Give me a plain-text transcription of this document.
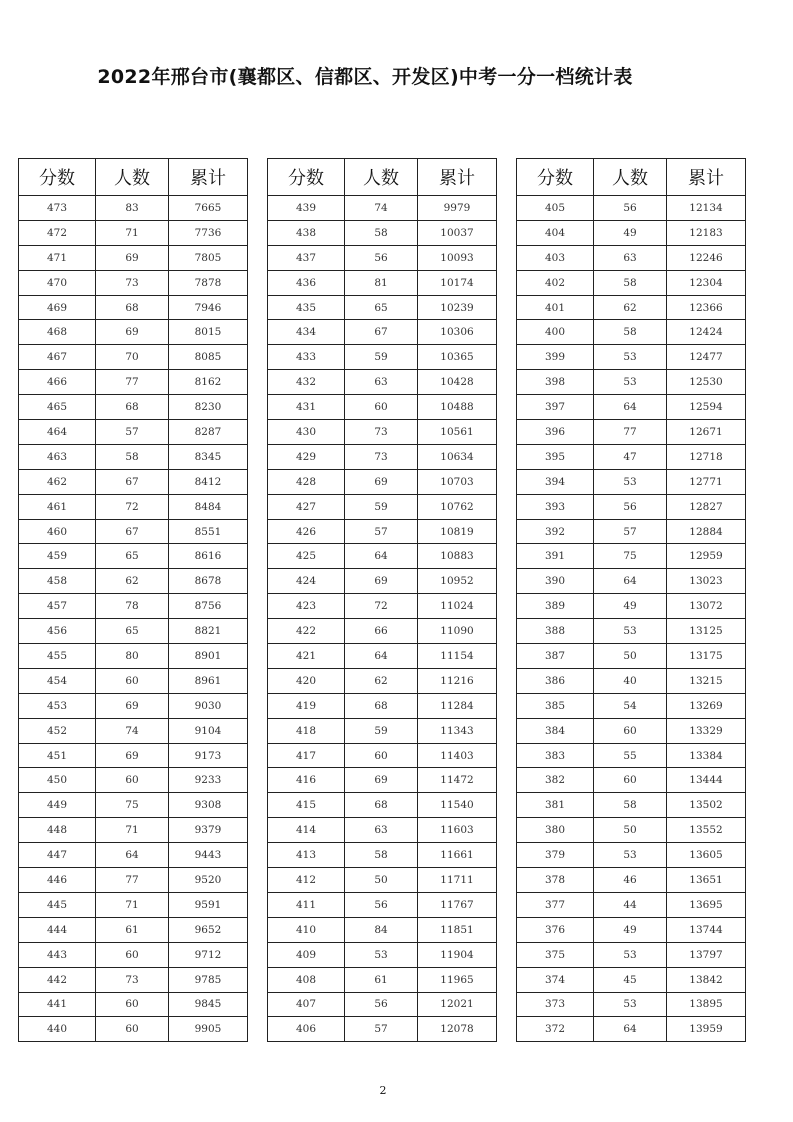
2022年邢台市(襄都区、信都区、开发区)中考一分一档统计表
分数	人数	累计
473	83	7665
472	71	7736
471	69	7805
470	73	7878
469	68	7946
468	69	8015
467	70	8085
466	77	8162
465	68	8230
464	57	8287
463	58	8345
462	67	8412
461	72	8484
460	67	8551
459	65	8616
458	62	8678
457	78	8756
456	65	8821
455	80	8901
454	60	8961
453	69	9030
452	74	9104
451	69	9173
450	60	9233
449	75	9308
448	71	9379
447	64	9443
446	77	9520
445	71	9591
444	61	9652
443	60	9712
442	73	9785
441	60	9845
440	60	9905
分数	人数	累计
439	74	9979
438	58	10037
437	56	10093
436	81	10174
435	65	10239
434	67	10306
433	59	10365
432	63	10428
431	60	10488
430	73	10561
429	73	10634
428	69	10703
427	59	10762
426	57	10819
425	64	10883
424	69	10952
423	72	11024
422	66	11090
421	64	11154
420	62	11216
419	68	11284
418	59	11343
417	60	11403
416	69	11472
415	68	11540
414	63	11603
413	58	11661
412	50	11711
411	56	11767
410	84	11851
409	53	11904
408	61	11965
407	56	12021
406	57	12078
分数	人数	累计
405	56	12134
404	49	12183
403	63	12246
402	58	12304
401	62	12366
400	58	12424
399	53	12477
398	53	12530
397	64	12594
396	77	12671
395	47	12718
394	53	12771
393	56	12827
392	57	12884
391	75	12959
390	64	13023
389	49	13072
388	53	13125
387	50	13175
386	40	13215
385	54	13269
384	60	13329
383	55	13384
382	60	13444
381	58	13502
380	50	13552
379	53	13605
378	46	13651
377	44	13695
376	49	13744
375	53	13797
374	45	13842
373	53	13895
372	64	13959
2
